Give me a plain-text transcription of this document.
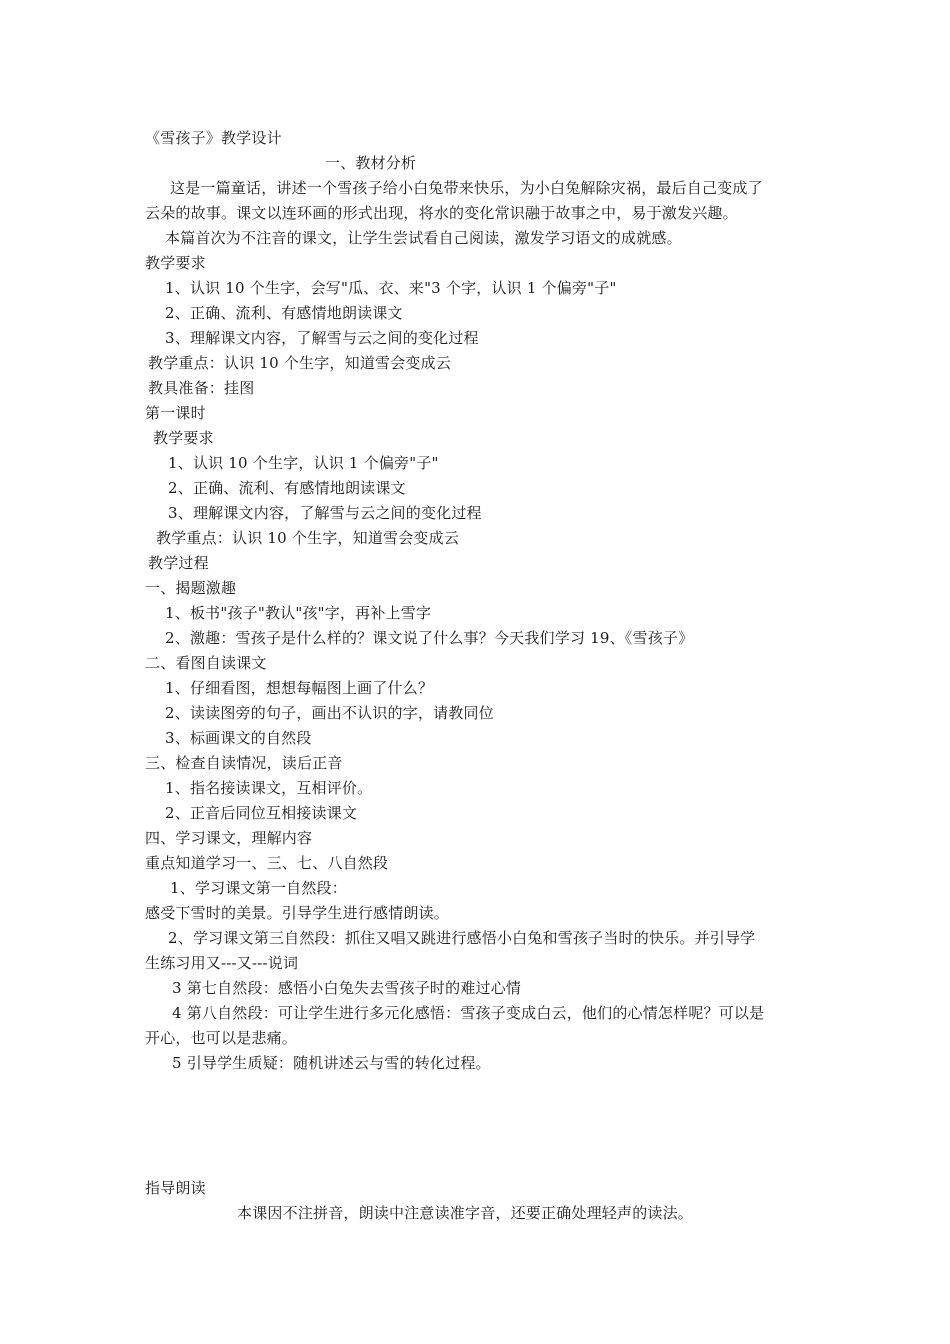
《雪孩子》教学设计
一、教材分析
这是一篇童话，讲述一个雪孩子给小白兔带来快乐，为小白兔解除灾祸，最后自己变成了
云朵的故事。课文以连环画的形式出现，将水的变化常识融于故事之中，易于激发兴趣。
本篇首次为不注音的课文，让学生尝试看自己阅读，激发学习语文的成就感。
教学要求
1、认识 10 个生字，会写"瓜、衣、来"3 个字，认识 1 个偏旁"子"
2、正确、流利、有感情地朗读课文
3、理解课文内容，了解雪与云之间的变化过程
教学重点：认识 10 个生字，知道雪会变成云
教具准备：挂图
第一课时
教学要求
1、认识 10 个生字，认识 1 个偏旁"子"
2、正确、流利、有感情地朗读课文
3、理解课文内容，了解雪与云之间的变化过程
教学重点：认识 10 个生字，知道雪会变成云
教学过程
一、揭题激趣
1、板书"孩子"教认"孩"字，再补上雪字
2、激趣：雪孩子是什么样的？课文说了什么事？今天我们学习 19、《雪孩子》
二、看图自读课文
1、仔细看图，想想每幅图上画了什么？
2、读读图旁的句子，画出不认识的字，请教同位
3、标画课文的自然段
三、检查自读情况，读后正音
1、指名接读课文，互相评价。
2、正音后同位互相接读课文
四、学习课文，理解内容
重点知道学习一、三、七、八自然段
1、学习课文第一自然段：
感受下雪时的美景。引导学生进行感情朗读。
2、学习课文第三自然段：抓住又唱又跳进行感悟小白兔和雪孩子当时的快乐。并引导学
生练习用又---又---说词
3 第七自然段：感悟小白兔失去雪孩子时的难过心情
4 第八自然段：可让学生进行多元化感悟：雪孩子变成白云，他们的心情怎样呢？可以是
开心，也可以是悲痛。
5 引导学生质疑：随机讲述云与雪的转化过程。
指导朗读
本课因不注拼音，朗读中注意读准字音，还要正确处理轻声的读法。
